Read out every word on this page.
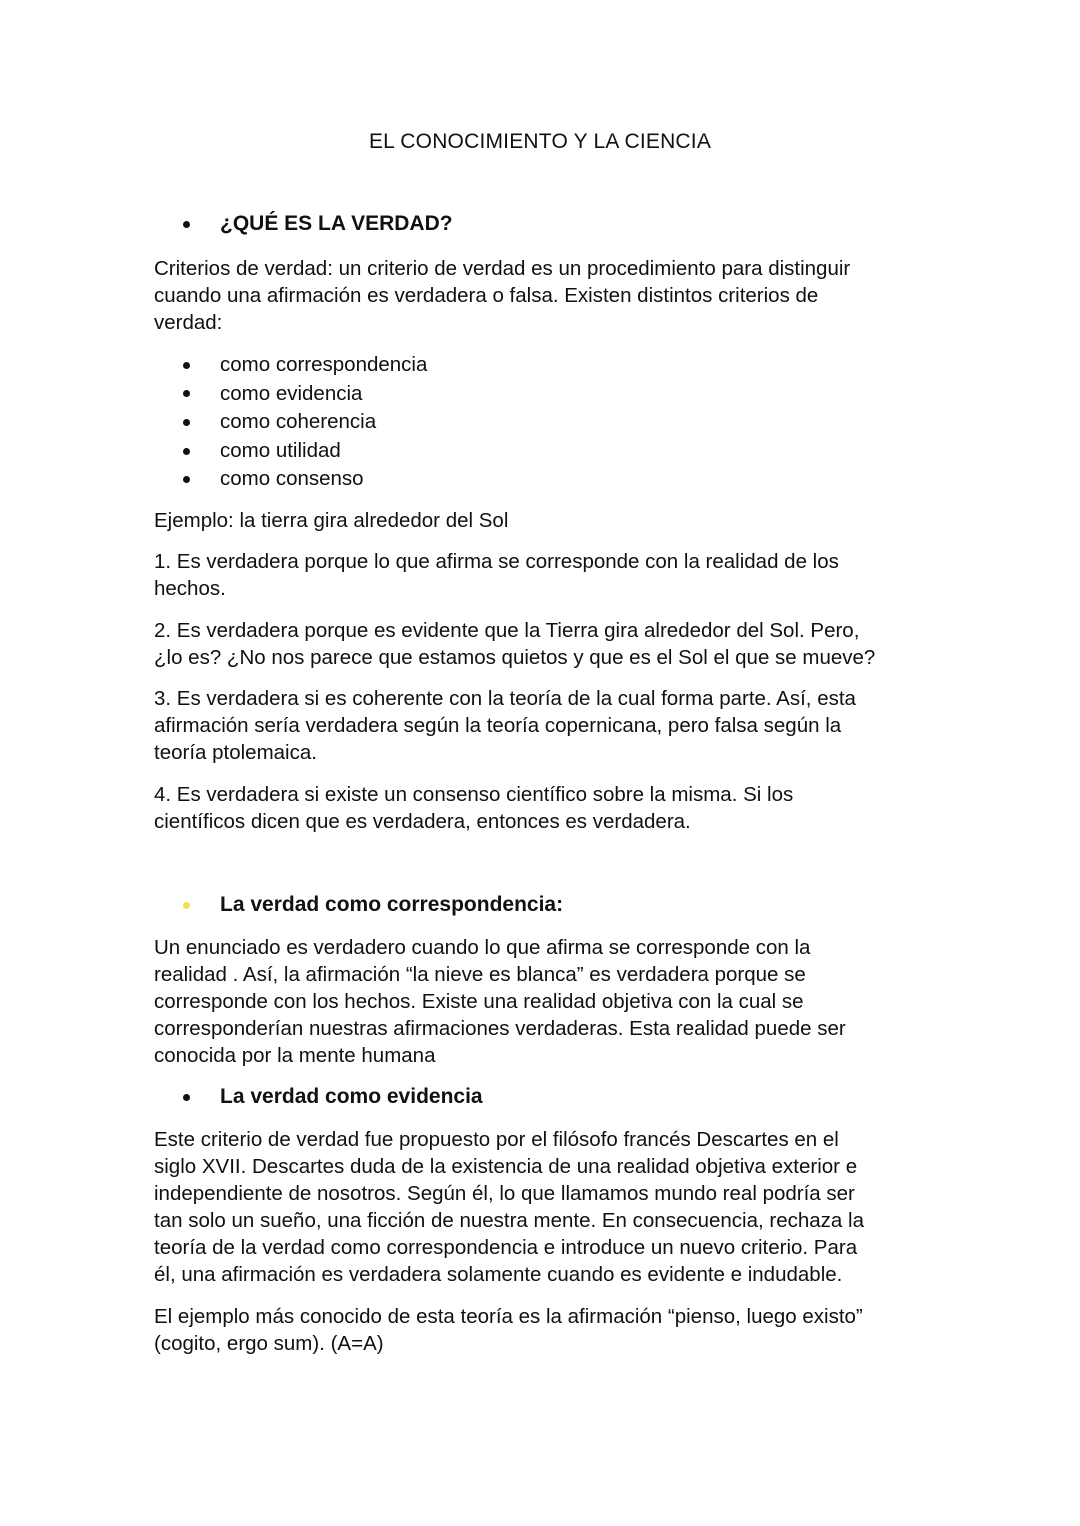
EL CONOCIMIENTO Y LA CIENCIA
¿QUÉ ES LA VERDAD?
Criterios de verdad: un criterio de verdad es un procedimiento para distinguir
cuando una afirmación es verdadera o falsa. Existen distintos criterios de
verdad:
como correspondencia
como evidencia
como coherencia
como utilidad
como consenso
Ejemplo: la tierra gira alrededor del Sol
1. Es verdadera porque lo que afirma se corresponde con la realidad de los
hechos.
2. Es verdadera porque es evidente que la Tierra gira alrededor del Sol. Pero,
¿lo es? ¿No nos parece que estamos quietos y que es el Sol el que se mueve?
3. Es verdadera si es coherente con la teoría de la cual forma parte. Así, esta
afirmación sería verdadera según la teoría copernicana, pero falsa según la
teoría ptolemaica.
4. Es verdadera si existe un consenso científico sobre la misma. Si los
científicos dicen que es verdadera, entonces es verdadera.
La verdad como correspondencia:
Un enunciado es verdadero cuando lo que afirma se corresponde con la
realidad . Así, la afirmación “la nieve es blanca” es verdadera porque se
corresponde con los hechos. Existe una realidad objetiva con la cual se
corresponderían nuestras afirmaciones verdaderas. Esta realidad puede ser
conocida por la mente humana
La verdad como evidencia
Este criterio de verdad fue propuesto por el filósofo francés Descartes en el
siglo XVII. Descartes duda de la existencia de una realidad objetiva exterior e
independiente de nosotros. Según él, lo que llamamos mundo real podría ser
tan solo un sueño, una ficción de nuestra mente. En consecuencia, rechaza la
teoría de la verdad como correspondencia e introduce un nuevo criterio. Para
él, una afirmación es verdadera solamente cuando es evidente e indudable.
El ejemplo más conocido de esta teoría es la afirmación “pienso, luego existo”
(cogito, ergo sum). (A=A)
